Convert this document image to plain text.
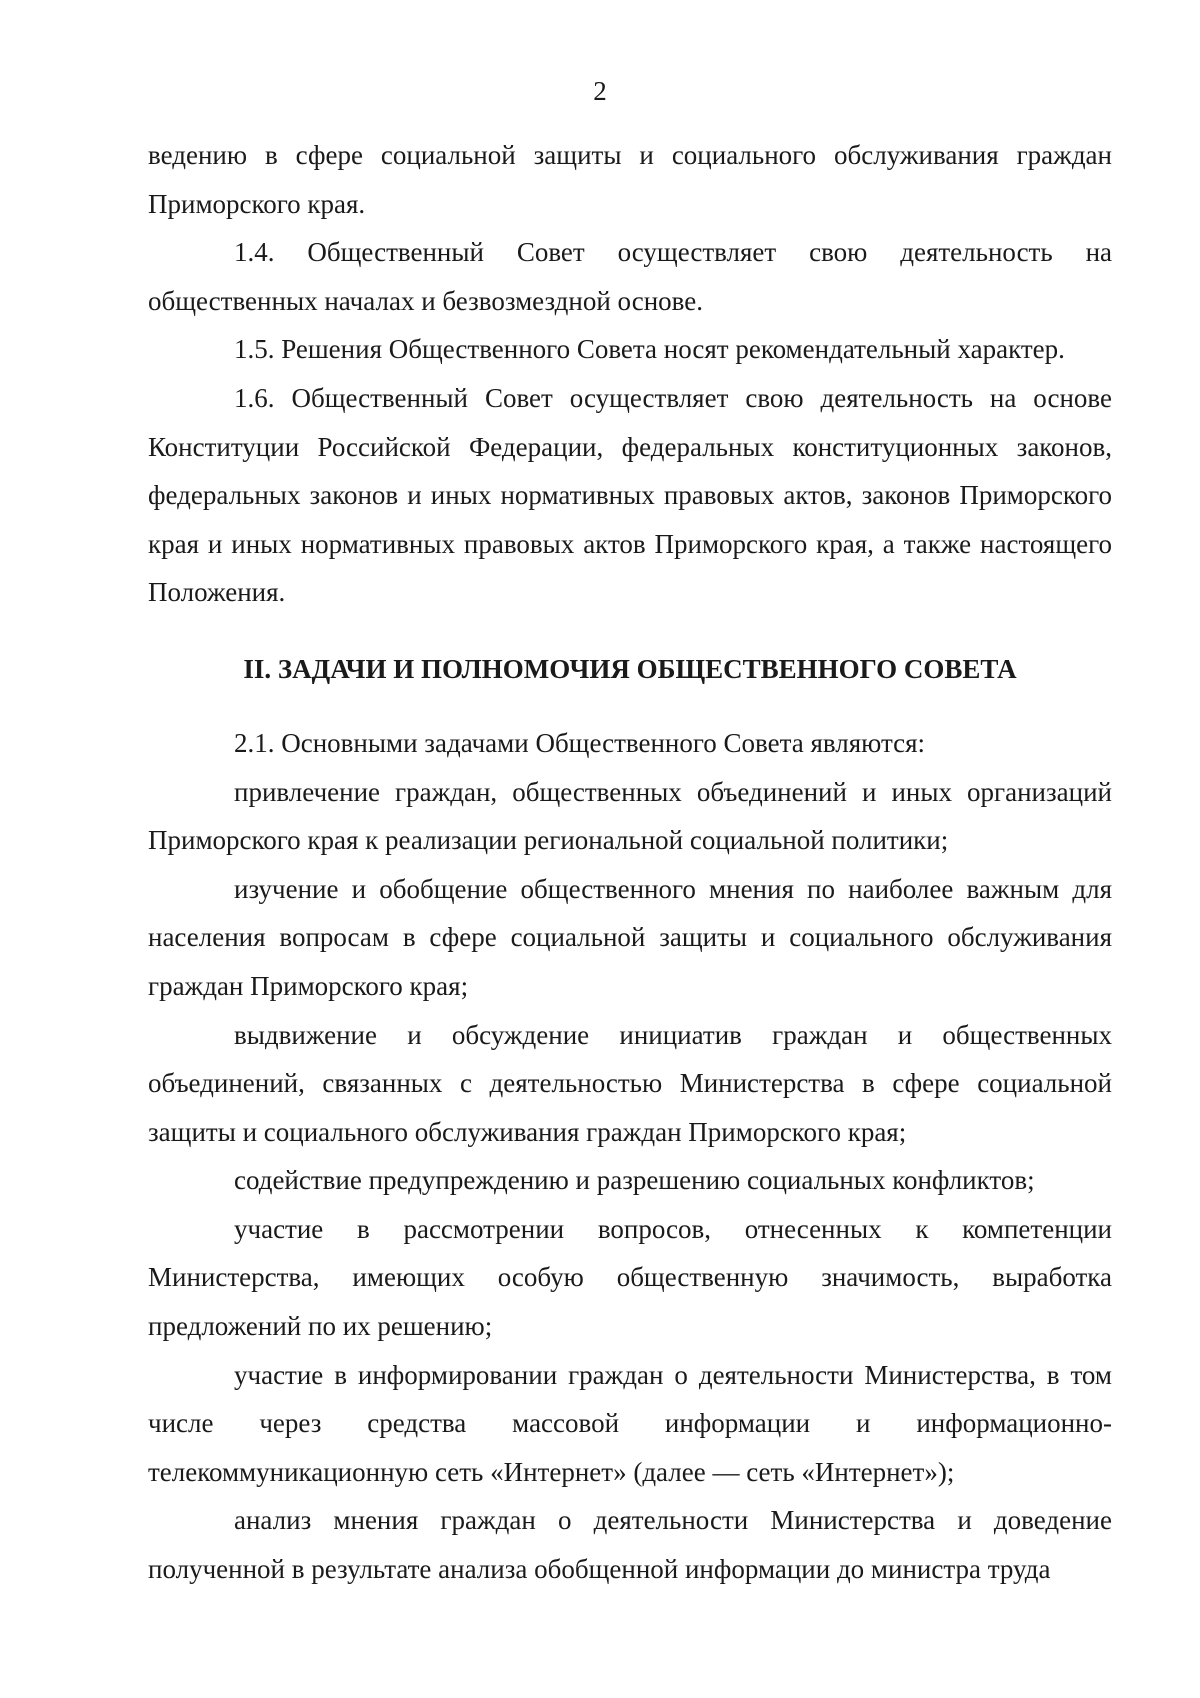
2

ведению в сфере социальной защиты и социального обслуживания граждан Приморского края.

1.4. Общественный Совет осуществляет свою деятельность на общественных началах и безвозмездной основе.

1.5. Решения Общественного Совета носят рекомендательный характер.

1.6. Общественный Совет осуществляет свою деятельность на основе Конституции Российской Федерации, федеральных конституционных законов, федеральных законов и иных нормативных правовых актов, законов Приморского края и иных нормативных правовых актов Приморского края, а также настоящего Положения.

II. ЗАДАЧИ И ПОЛНОМОЧИЯ ОБЩЕСТВЕННОГО СОВЕТА

2.1. Основными задачами Общественного Совета являются:

привлечение граждан, общественных объединений и иных организаций Приморского края к реализации региональной социальной политики;

изучение и обобщение общественного мнения по наиболее важным для населения вопросам в сфере социальной защиты и социального обслуживания граждан Приморского края;

выдвижение и обсуждение инициатив граждан и общественных объединений, связанных с деятельностью Министерства в сфере социальной защиты и социального обслуживания граждан Приморского края;

содействие предупреждению и разрешению социальных конфликтов;

участие в рассмотрении вопросов, отнесенных к компетенции Министерства, имеющих особую общественную значимость, выработка предложений по их решению;

участие в информировании граждан о деятельности Министерства, в том числе через средства массовой информации и информационно-телекоммуникационную сеть «Интернет» (далее — сеть «Интернет»);

анализ мнения граждан о деятельности Министерства и доведение полученной в результате анализа обобщенной информации до министра труда
